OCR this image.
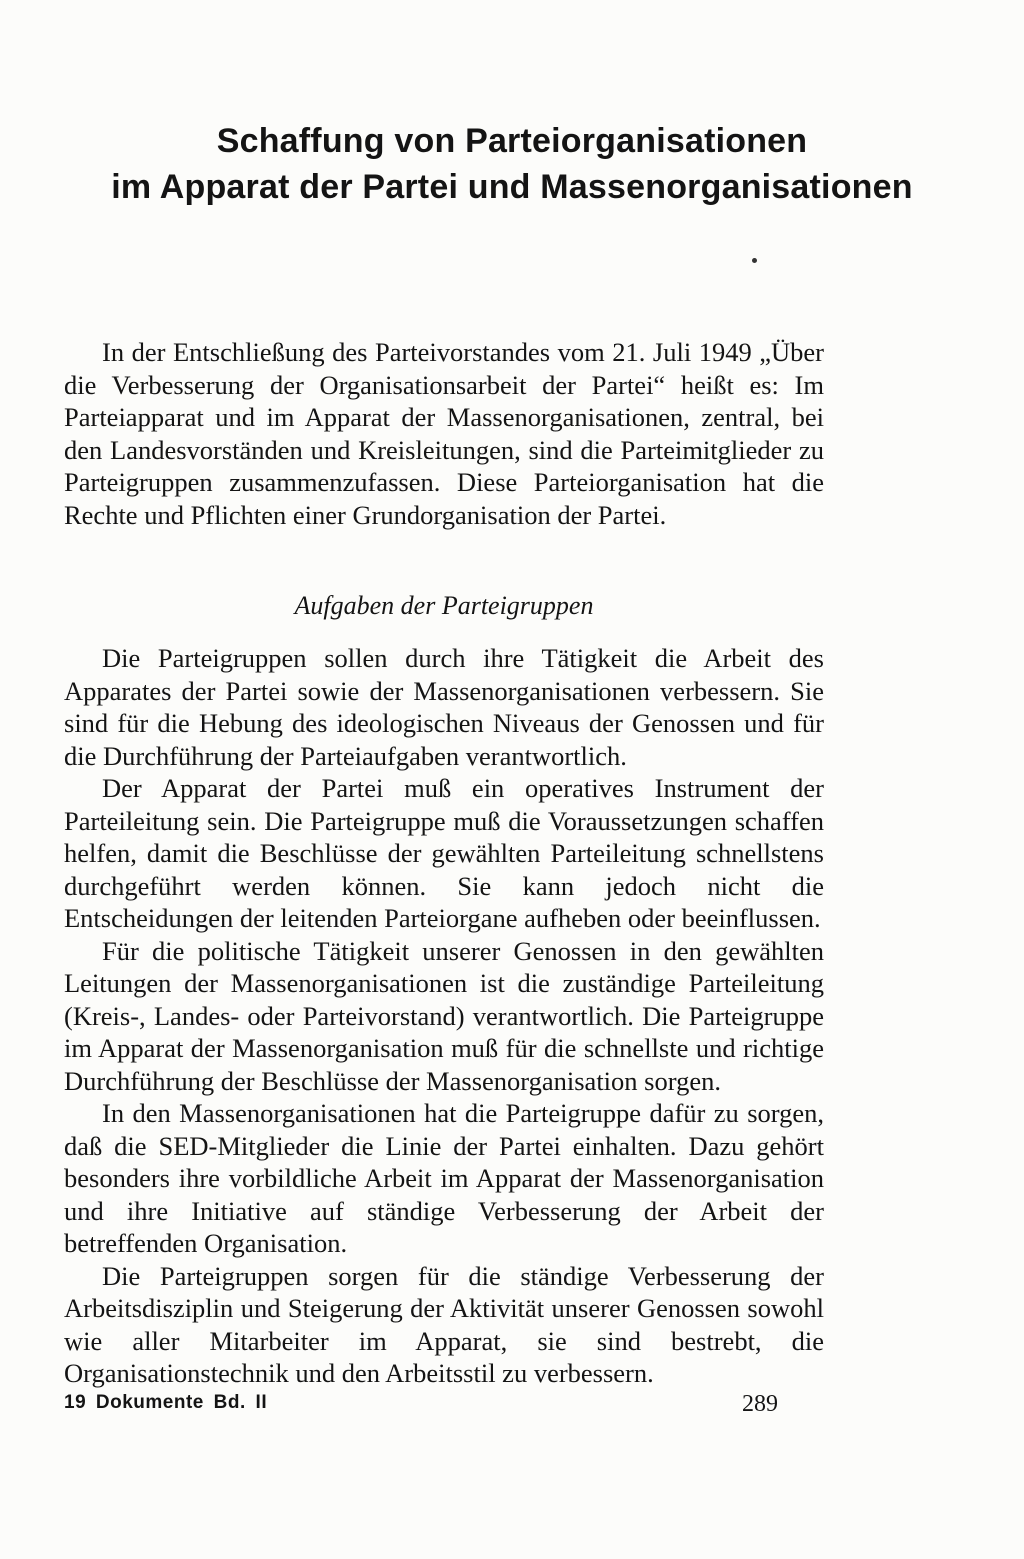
Schaffung von Parteiorganisationen
im Apparat der Partei und Massenorganisationen

In der Entschließung des Parteivorstandes vom 21. Juli 1949 „Über die Verbesserung der Organisationsarbeit der Partei“ heißt es: Im Parteiapparat und im Apparat der Massenorganisationen, zentral, bei den Landesvorständen und Kreisleitungen, sind die Parteimitglieder zu Parteigruppen zusammenzufassen. Diese Parteiorganisation hat die Rechte und Pflichten einer Grundorganisation der Partei.

Aufgaben der Parteigruppen

Die Parteigruppen sollen durch ihre Tätigkeit die Arbeit des Apparates der Partei sowie der Massenorganisationen verbessern. Sie sind für die Hebung des ideologischen Niveaus der Genossen und für die Durchführung der Parteiaufgaben verantwortlich.

Der Apparat der Partei muß ein operatives Instrument der Parteileitung sein. Die Parteigruppe muß die Voraussetzungen schaffen helfen, damit die Beschlüsse der gewählten Parteileitung schnellstens durchgeführt werden können. Sie kann jedoch nicht die Entscheidungen der leitenden Parteiorgane aufheben oder beeinflussen.

Für die politische Tätigkeit unserer Genossen in den gewählten Leitungen der Massenorganisationen ist die zuständige Parteileitung (Kreis-, Landes- oder Parteivorstand) verantwortlich. Die Parteigruppe im Apparat der Massenorganisation muß für die schnellste und richtige Durchführung der Beschlüsse der Massenorganisation sorgen.

In den Massenorganisationen hat die Parteigruppe dafür zu sorgen, daß die SED-Mitglieder die Linie der Partei einhalten. Dazu gehört besonders ihre vorbildliche Arbeit im Apparat der Massenorganisation und ihre Initiative auf ständige Verbesserung der Arbeit der betreffenden Organisation.

Die Parteigruppen sorgen für die ständige Verbesserung der Arbeitsdisziplin und Steigerung der Aktivität unserer Genossen sowohl wie aller Mitarbeiter im Apparat, sie sind bestrebt, die Organisationstechnik und den Arbeitsstil zu verbessern.

19 Dokumente Bd. II	289
